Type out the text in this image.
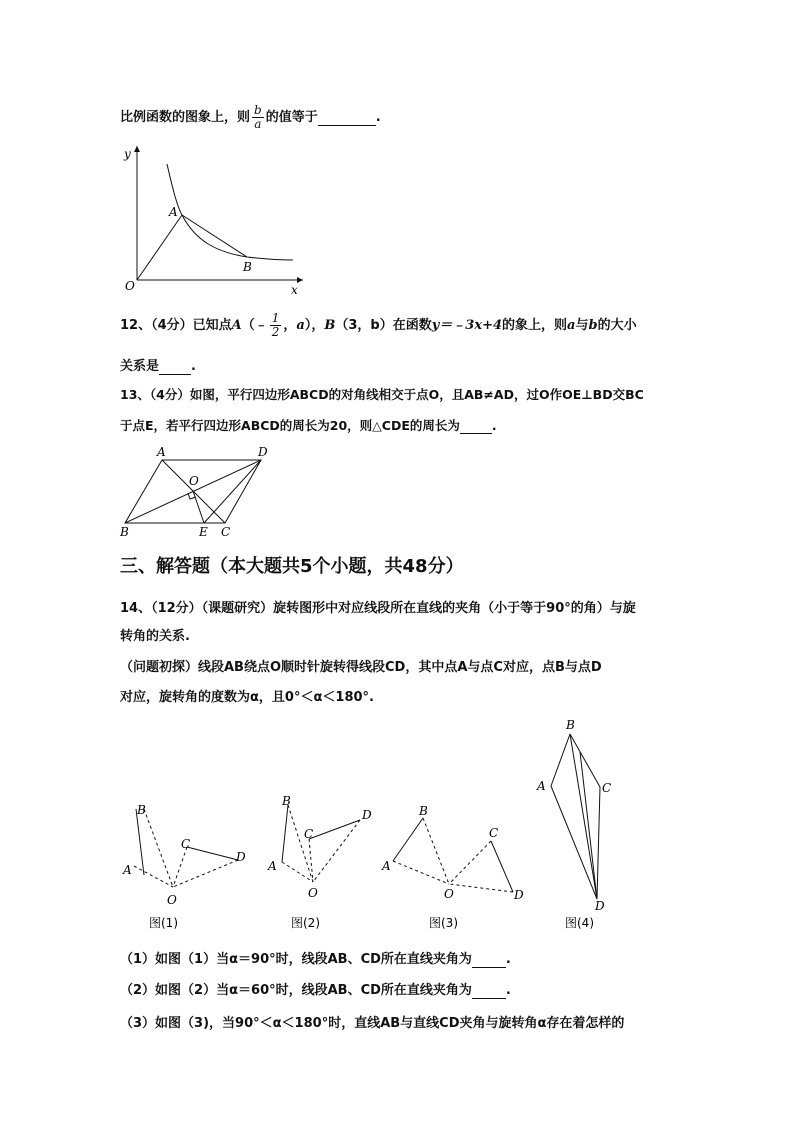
比例函数的图象上，则 $\frac{b}{a}$ 的值等于	.
y
x
O
A
B
12、（4分）已知点A（﹣ $\frac{1}{2}$ ，a），B（3，b）在函数y＝﹣3x+4的象上，则a与b的大小
关系是 .
13、（4分）如图，平行四边形ABCD的对角线相交于点O，且AB≠AD，过O作OE⊥BD交BC
于点E，若平行四边形ABCD的周长为20，则△CDE的周长为	.
A	D
O
B	E C
三、解答题（本大题共5个小题，共48分）
14、（12分）（课题研究）旋转图形中对应线段所在直线的夹角（小于等于90°的角）与旋
转角的关系.
（问题初探）线段AB绕点O顺时针旋转得线段CD，其中点A与点C对应，点B与点D
对应，旋转角的度数为α，且0°＜α＜180°.
B
A
C
D
O
图(1)
B
A
C
D
O
图(2)
B
A
C
D
O
图(3)
B
A	C
D
图(4)
（1）如图（1）当α＝90°时，线段AB、CD所在直线夹角为	.
（2）如图（2）当α＝60°时，线段AB、CD所在直线夹角为	.
（3）如图（3)，当90°＜α＜180°时，直线AB与直线CD夹角与旋转角α存在着怎样的
